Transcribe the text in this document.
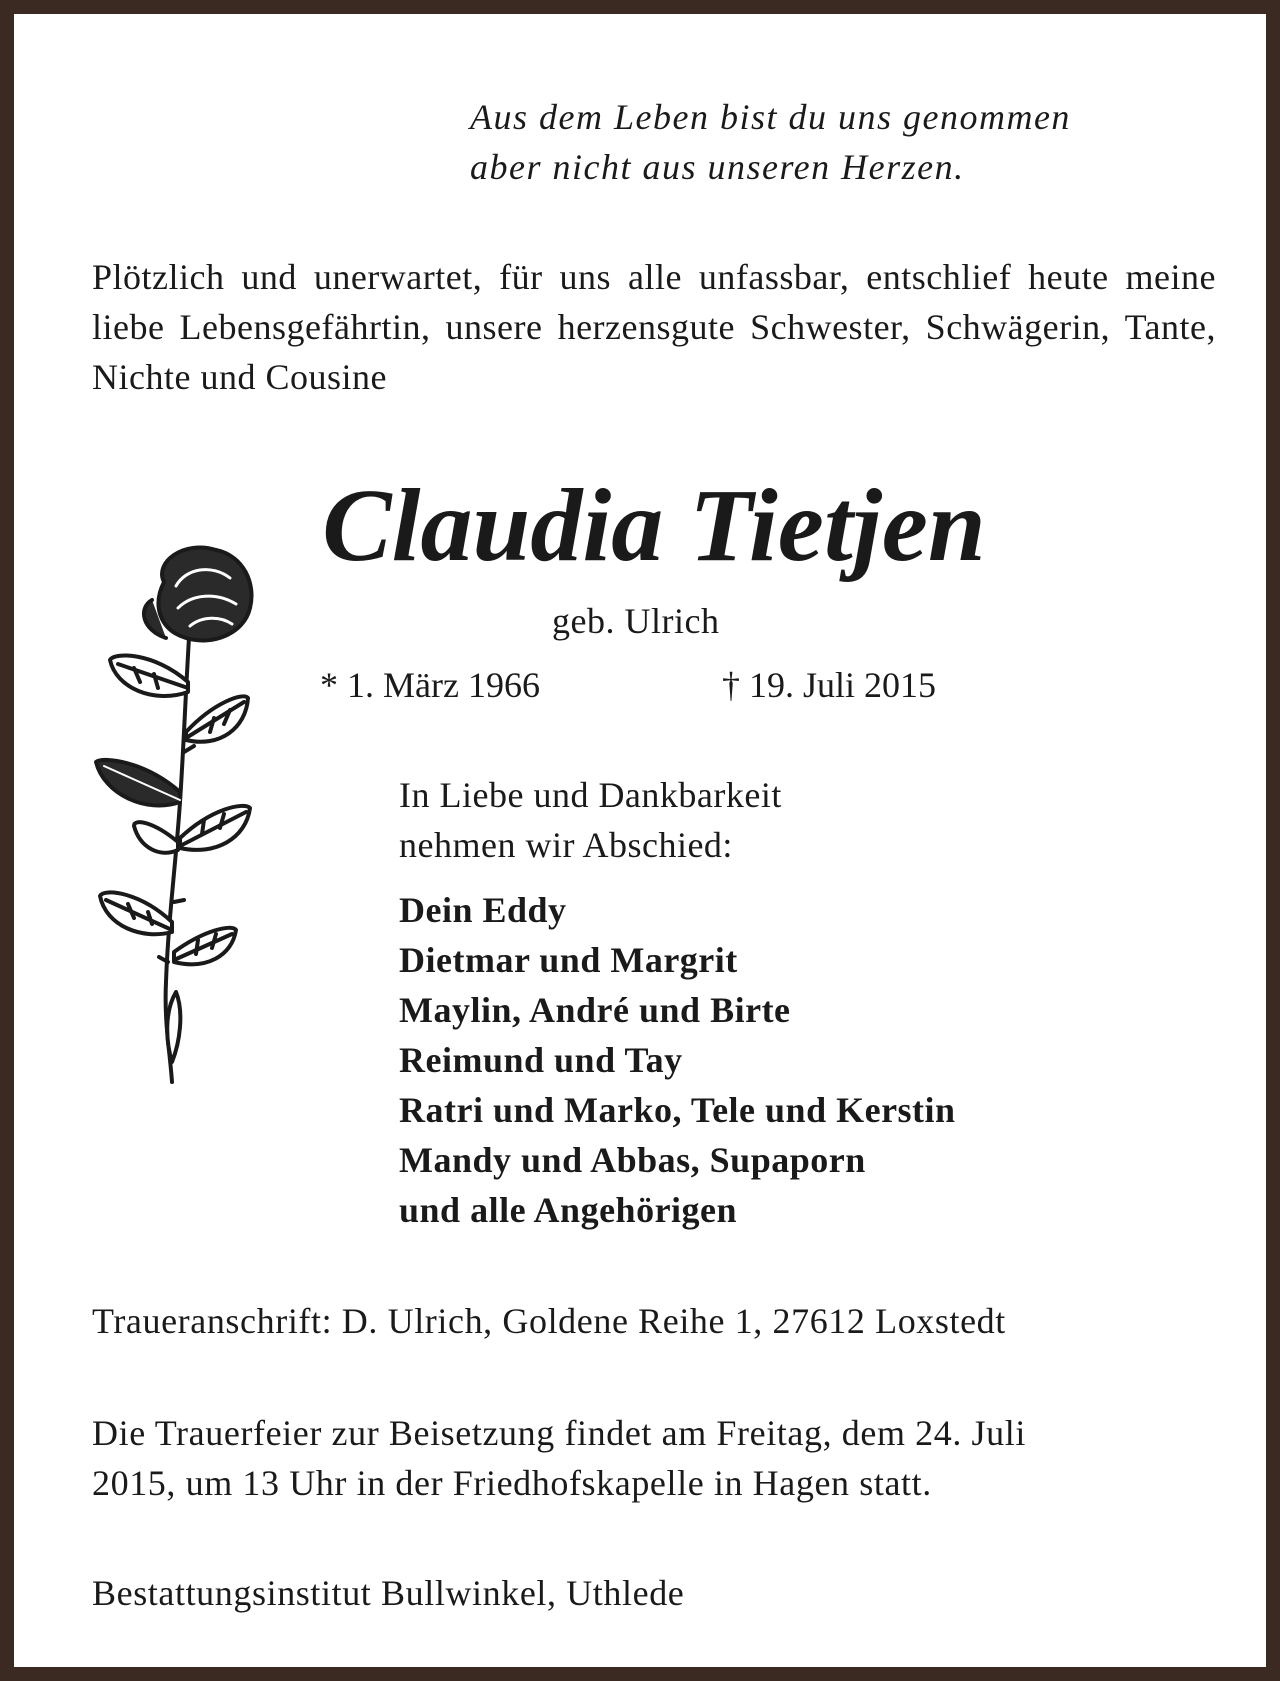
Aus dem Leben bist du uns genommen
aber nicht aus unseren Herzen.
Plötzlich und unerwartet, für uns alle unfassbar, entschlief heute meine liebe Lebensgefährtin, unsere herzensgute Schwester, Schwägerin, Tante, Nichte und Cousine
Claudia Tietjen
geb. Ulrich
* 1. März 1966	† 19. Juli 2015
In Liebe und Dankbarkeit
nehmen wir Abschied:
Dein Eddy
Dietmar und Margrit
Maylin, André und Birte
Reimund und Tay
Ratri und Marko, Tele und Kerstin
Mandy und Abbas, Supaporn
und alle Angehörigen
Traueranschrift: D. Ulrich, Goldene Reihe 1, 27612 Loxstedt
Die Trauerfeier zur Beisetzung findet am Freitag, dem 24. Juli
2015, um 13 Uhr in der Friedhofskapelle in Hagen statt.
Bestattungsinstitut Bullwinkel, Uthlede
